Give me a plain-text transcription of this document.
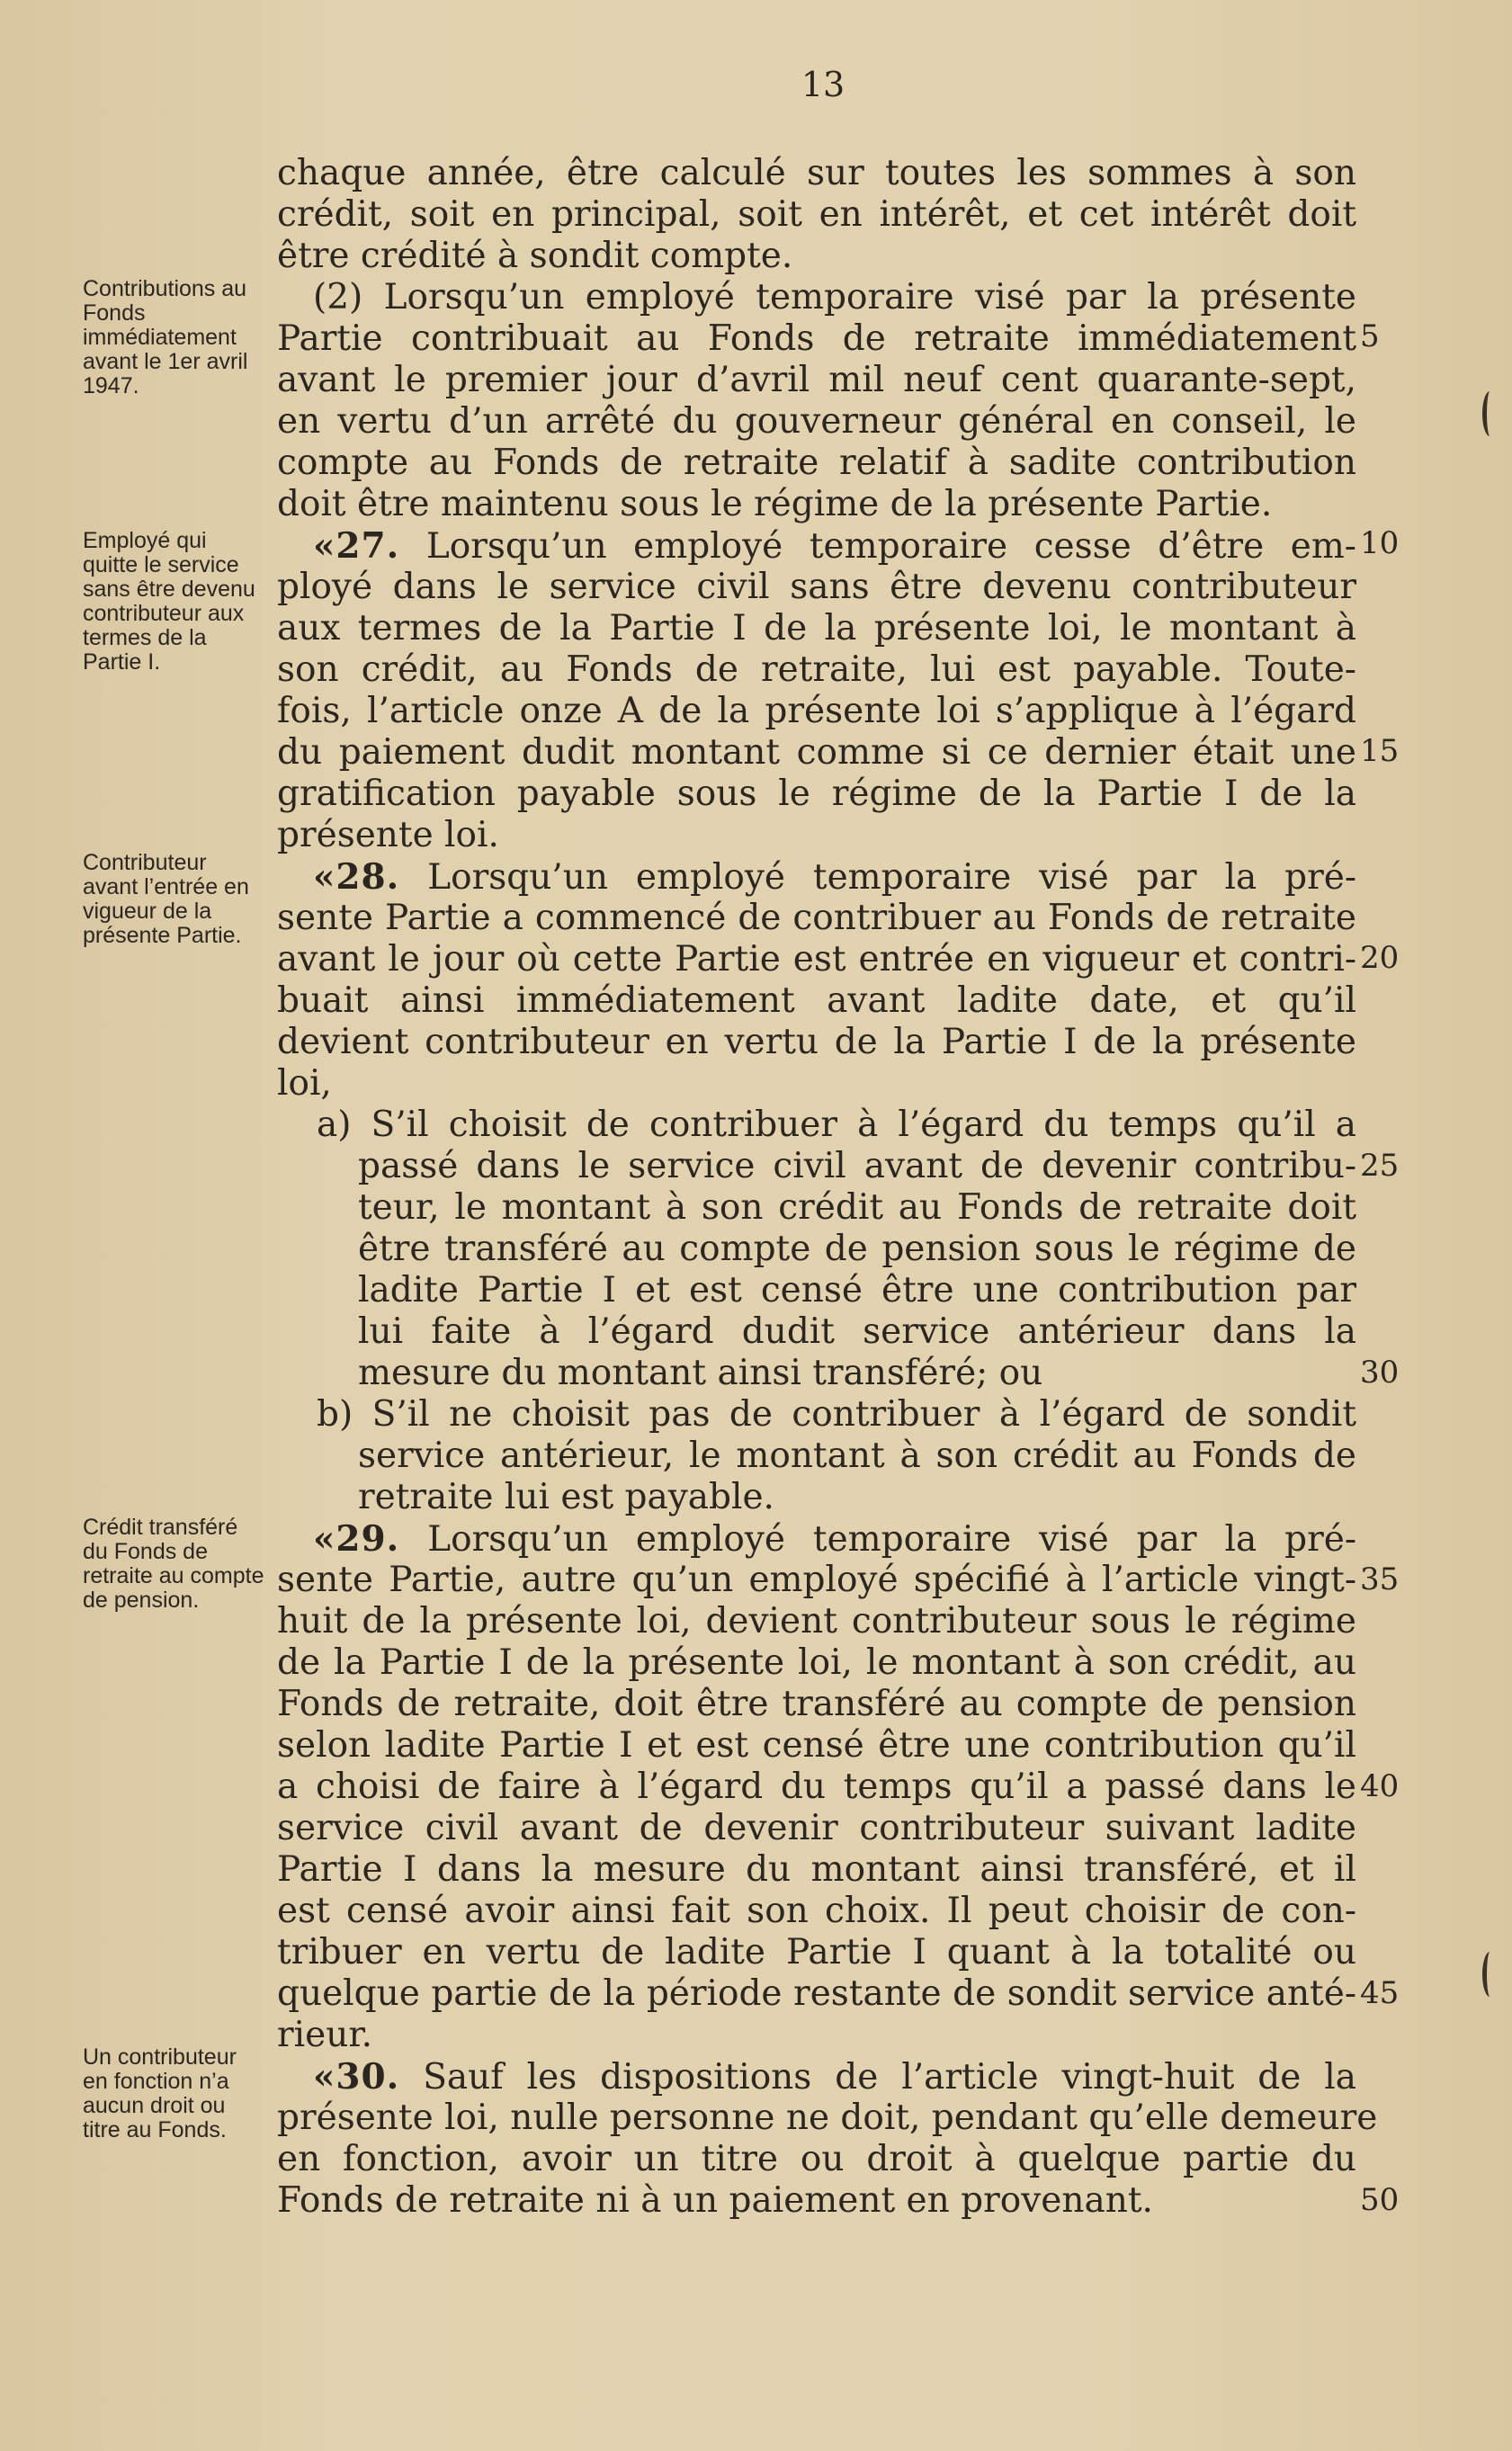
13
Contributions au Fonds immédiatement avant le 1er avril 1947.
Employé qui quitte le service sans être devenu contributeur aux termes de la Partie I.
Contributeur avant l’entrée en vigueur de la présente Partie.
Crédit transféré du Fonds de retraite au compte de pension.
Un contributeur en fonction n’a aucun droit ou titre au Fonds.
5
10
15
20
25
30
35
40
45
50
chaque année, être calculé sur toutes les sommes à son
crédit, soit en principal, soit en intérêt, et cet intérêt doit
être crédité à sondit compte.
(2) Lorsqu’un employé temporaire visé par la présente
Partie contribuait au Fonds de retraite immédiatement
avant le premier jour d’avril mil neuf cent quarante-sept,
en vertu d’un arrêté du gouverneur général en conseil, le
compte au Fonds de retraite relatif à sadite contribution
doit être maintenu sous le régime de la présente Partie.
«27. Lorsqu’un employé temporaire cesse d’être em-
ployé dans le service civil sans être devenu contributeur
aux termes de la Partie I de la présente loi, le montant à
son crédit, au Fonds de retraite, lui est payable. Toute-
fois, l’article onze A de la présente loi s’applique à l’égard
du paiement dudit montant comme si ce dernier était une
gratification payable sous le régime de la Partie I de la
présente loi.
«28. Lorsqu’un employé temporaire visé par la pré-
sente Partie a commencé de contribuer au Fonds de retraite
avant le jour où cette Partie est entrée en vigueur et contri-
buait ainsi immédiatement avant ladite date, et qu’il
devient contributeur en vertu de la Partie I de la présente
loi,
a) S’il choisit de contribuer à l’égard du temps qu’il a
passé dans le service civil avant de devenir contribu-
teur, le montant à son crédit au Fonds de retraite doit
être transféré au compte de pension sous le régime de
ladite Partie I et est censé être une contribution par
lui faite à l’égard dudit service antérieur dans la
mesure du montant ainsi transféré; ou
b) S’il ne choisit pas de contribuer à l’égard de sondit
service antérieur, le montant à son crédit au Fonds de
retraite lui est payable.
«29. Lorsqu’un employé temporaire visé par la pré-
sente Partie, autre qu’un employé spécifié à l’article vingt-
huit de la présente loi, devient contributeur sous le régime
de la Partie I de la présente loi, le montant à son crédit, au
Fonds de retraite, doit être transféré au compte de pension
selon ladite Partie I et est censé être une contribution qu’il
a choisi de faire à l’égard du temps qu’il a passé dans le
service civil avant de devenir contributeur suivant ladite
Partie I dans la mesure du montant ainsi transféré, et il
est censé avoir ainsi fait son choix. Il peut choisir de con-
tribuer en vertu de ladite Partie I quant à la totalité ou
quelque partie de la période restante de sondit service anté-
rieur.
«30. Sauf les dispositions de l’article vingt-huit de la
présente loi, nulle personne ne doit, pendant qu’elle demeure
en fonction, avoir un titre ou droit à quelque partie du
Fonds de retraite ni à un paiement en provenant.
